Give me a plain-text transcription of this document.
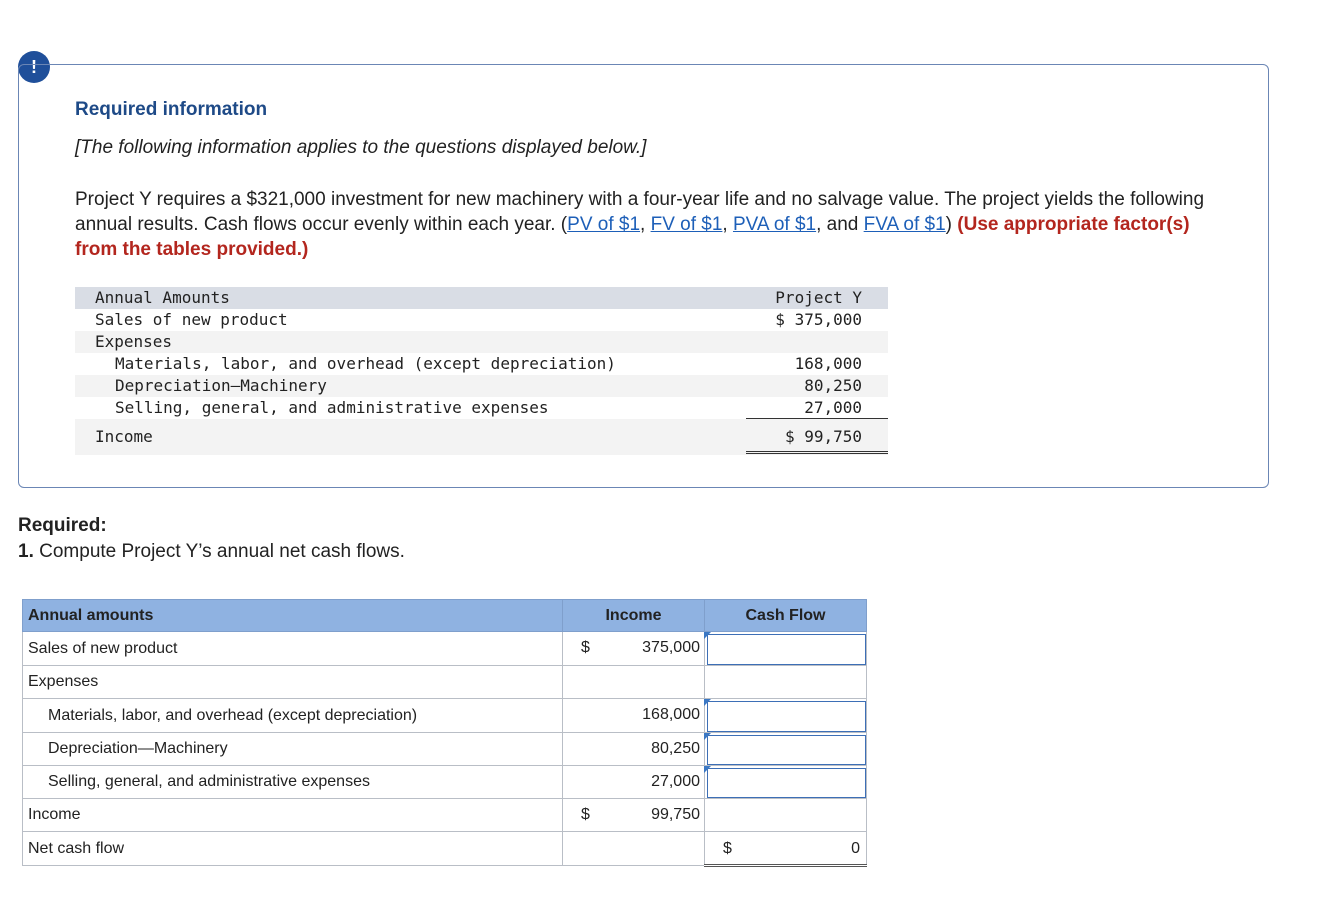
!
Required information
[The following information applies to the questions displayed below.]
Project Y requires a $321,000 investment for new machinery with a four-year life and no salvage value. The project yields the following annual results. Cash flows occur evenly within each year. (PV of $1, FV of $1, PVA of $1, and FVA of $1) (Use appropriate factor(s) from the tables provided.)
Annual Amounts	Project Y
Sales of new product	$ 375,000
Expenses
Materials, labor, and overhead (except depreciation)	168,000
Depreciation—Machinery	80,250
Selling, general, and administrative expenses	27,000
Income	$ 99,750
Required:
1. Compute Project Y’s annual net cash flows.
Annual amounts	Income	Cash Flow
Sales of new product	$ 375,000

Expenses		
Materials, labor, and overhead (except depreciation)	168,000

Depreciation—Machinery	80,250

Selling, general, and administrative expenses	27,000

Income	$ 99,750	

Net cash flow		$ 0
